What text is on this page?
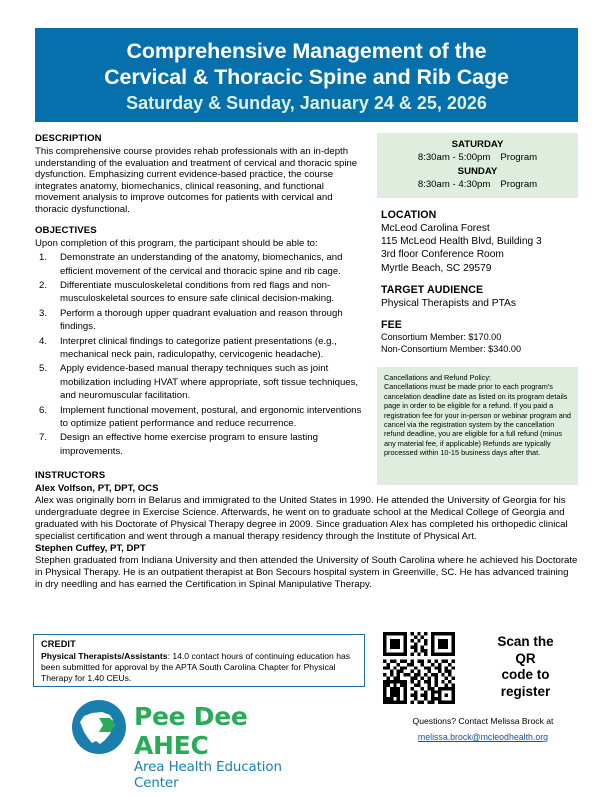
Comprehensive Management of the
Cervical & Thoracic Spine and Rib Cage
Saturday & Sunday, January 24 & 25, 2026
DESCRIPTION

This comprehensive course provides rehab professionals with an in-depth understanding of the evaluation and treatment of cervical and thoracic spine dysfunction. Emphasizing current evidence-based practice, the course integrates anatomy, biomechanics, clinical reasoning, and functional movement analysis to improve outcomes for patients with cervical and thoracic dysfunctional.

OBJECTIVES

Upon completion of this program, the participant should be able to:

1. Demonstrate an understanding of the anatomy, biomechanics, and efficient movement of the cervical and thoracic spine and rib cage.
2. Differentiate musculoskeletal conditions from red flags and non-musculoskeletal sources to ensure safe clinical decision-making.
3. Perform a thorough upper quadrant evaluation and reason through findings.
4. Interpret clinical findings to categorize patient presentations (e.g., mechanical neck pain, radiculopathy, cervicogenic headache).
5. Apply evidence-based manual therapy techniques such as joint mobilization including HVAT where appropriate, soft tissue techniques, and neuromuscular facilitation.
6. Implement functional movement, postural, and ergonomic interventions to optimize patient performance and reduce recurrence.
7. Design an effective home exercise program to ensure lasting improvements.
SATURDAY
8:30am - 5:00pm Program
SUNDAY
8:30am - 4:30pm Program
LOCATION
McLeod Carolina Forest
115 McLeod Health Blvd, Building 3
3rd floor Conference Room
Myrtle Beach, SC 29579
TARGET AUDIENCE
Physical Therapists and PTAs
FEE
Consortium Member: $170.00
Non-Consortium Member: $340.00

Cancellations and Refund Policy:

Cancellations must be made prior to each program's cancelation deadline date as listed on its program details page in order to be eligible for a refund. If you paid a registration fee for your in-person or webinar program and cancel via the registration system by the cancellation refund deadline, you are eligible for a full refund (minus any material fee, if applicable) Refunds are typically processed within 10-15 business days after that.

INSTRUCTORS
Alex Volfson, PT, DPT, OCS

Alex was originally born in Belarus and immigrated to the United States in 1990. He attended the University of Georgia for his undergraduate degree in Exercise Science. Afterwards, he went on to graduate school at the Medical College of Georgia and graduated with his Doctorate of Physical Therapy degree in 2009. Since graduation Alex has completed his orthopedic clinical specialist certification and went through a manual therapy residency through the Institute of Physical Art.

Stephen Cuffey, PT, DPT

Stephen graduated from Indiana University and then attended the University of South Carolina where he achieved his Doctorate in Physical Therapy. He is an outpatient therapist at Bon Secours hospital system in Greenville, SC. He has advanced training in dry needling and has earned the Certification in Spinal Manipulative Therapy.

CREDIT

Physical Therapists/Assistants: 14.0 contact hours of continuing education has been submitted for approval by the APTA South Carolina Chapter for Physical Therapy for 1.40 CEUs.

Scan the
QR
code to
register
Questions? Contact Melissa Brock at
melissa.brock@mcleodhealth.org
Pee Dee AHEC
Area Health Education Center
